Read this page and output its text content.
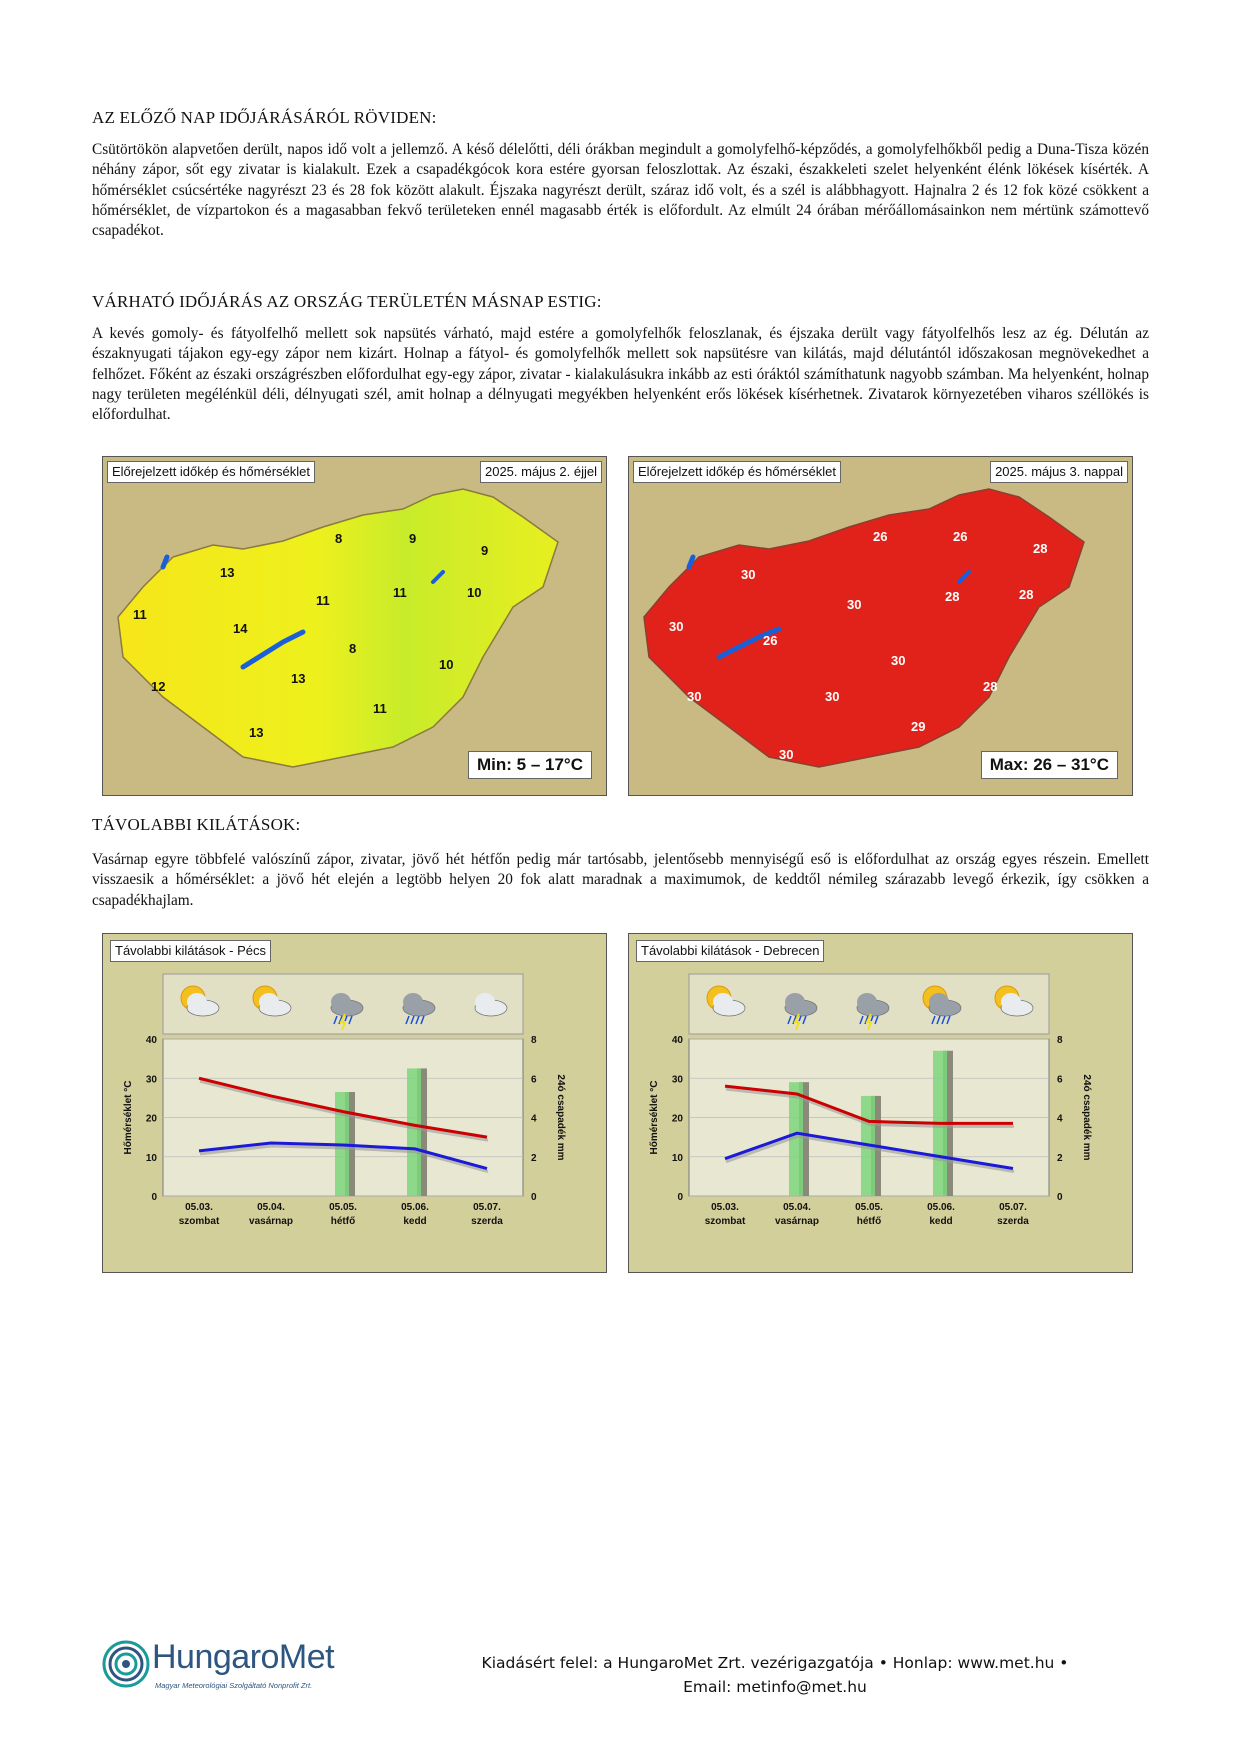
AZ ELŐZŐ NAP IDŐJÁRÁSÁRÓL RÖVIDEN:
Csütörtökön alapvetően derült, napos idő volt a jellemző. A késő délelőtti, déli órákban megindult a gomolyfelhő-képződés, a gomolyfelhőkből pedig a Duna-Tisza közén néhány zápor, sőt egy zivatar is kialakult. Ezek a csapadékgócok kora estére gyorsan feloszlottak. Az északi, északkeleti szelet helyenként élénk lökések kísérték. A hőmérséklet csúcsértéke nagyrészt 23 és 28 fok között alakult. Éjszaka nagyrészt derült, száraz idő volt, és a szél is alábbhagyott. Hajnalra 2 és 12 fok közé csökkent a hőmérséklet, de vízpartokon és a magasabban fekvő területeken ennél magasabb érték is előfordult. Az elmúlt 24 órában mérőállomásainkon nem mértünk számottevő csapadékot.
VÁRHATÓ IDŐJÁRÁS AZ ORSZÁG TERÜLETÉN MÁSNAP ESTIG:
A kevés gomoly- és fátyolfelhő mellett sok napsütés várható, majd estére a gomolyfelhők feloszlanak, és éjszaka derült vagy fátyolfelhős lesz az ég. Délután az északnyugati tájakon egy-egy zápor nem kizárt. Holnap a fátyol- és gomolyfelhők mellett sok napsütésre van kilátás, majd délutántól időszakosan megnövekedhet a felhőzet. Főként az északi országrészben előfordulhat egy-egy zápor, zivatar - kialakulásukra inkább az esti óráktól számíthatunk nagyobb számban. Ma helyenként, holnap nagy területen megélénkül déli, délnyugati szél, amit holnap a délnyugati megyékben helyenként erős lökések kísérhetnek. Zivatarok környezetében viharos széllökés is előfordulhat.
Előrejelzett időkép és hőmérséklet	2025. május 2. éjjel
13
11
14
12
13
13
8	9
9
11
11	10
8
10
11
Min: 5 – 17°C
Előrejelzett időkép és hőmérséklet	2025. május 3. nappal
30
30
30
26
30
26	26
28
28	28
30
30
28
29
30
Max: 26 – 31°C
TÁVOLABBI KILÁTÁSOK:
Vasárnap egyre többfelé valószínű zápor, zivatar, jövő hét hétfőn pedig már tartósabb, jelentősebb mennyiségű eső is előfordulhat az ország egyes részein. Emellett visszaesik a hőmérséklet: a jövő hét elején a legtöbb helyen 20 fok alatt maradnak a maximumok, de keddtől némileg szárazabb levegő érkezik, így csökken a csapadékhajlam.
Távolabbi kilátások - Pécs
0
10
20
30
40
0
2
4
6
8
Hőmérséklet °C	24ó csapadék mm
05.03.
szombat
05.04.
vasárnap
05.05.
hétfő
05.06.
kedd
05.07.
szerda
Távolabbi kilátások - Debrecen
0
10
20
30
40
0
2
4
6
8
Hőmérséklet °C	24ó csapadék mm
05.03.
szombat
05.04.
vasárnap
05.05.
hétfő
05.06.
kedd
05.07.
szerda
HungaroMet
Magyar Meteorológiai Szolgáltató Nonprofit Zrt.
Kiadásért felel: a HungaroMet Zrt. vezérigazgatója • Honlap: www.met.hu •
Email: metinfo@met.hu
